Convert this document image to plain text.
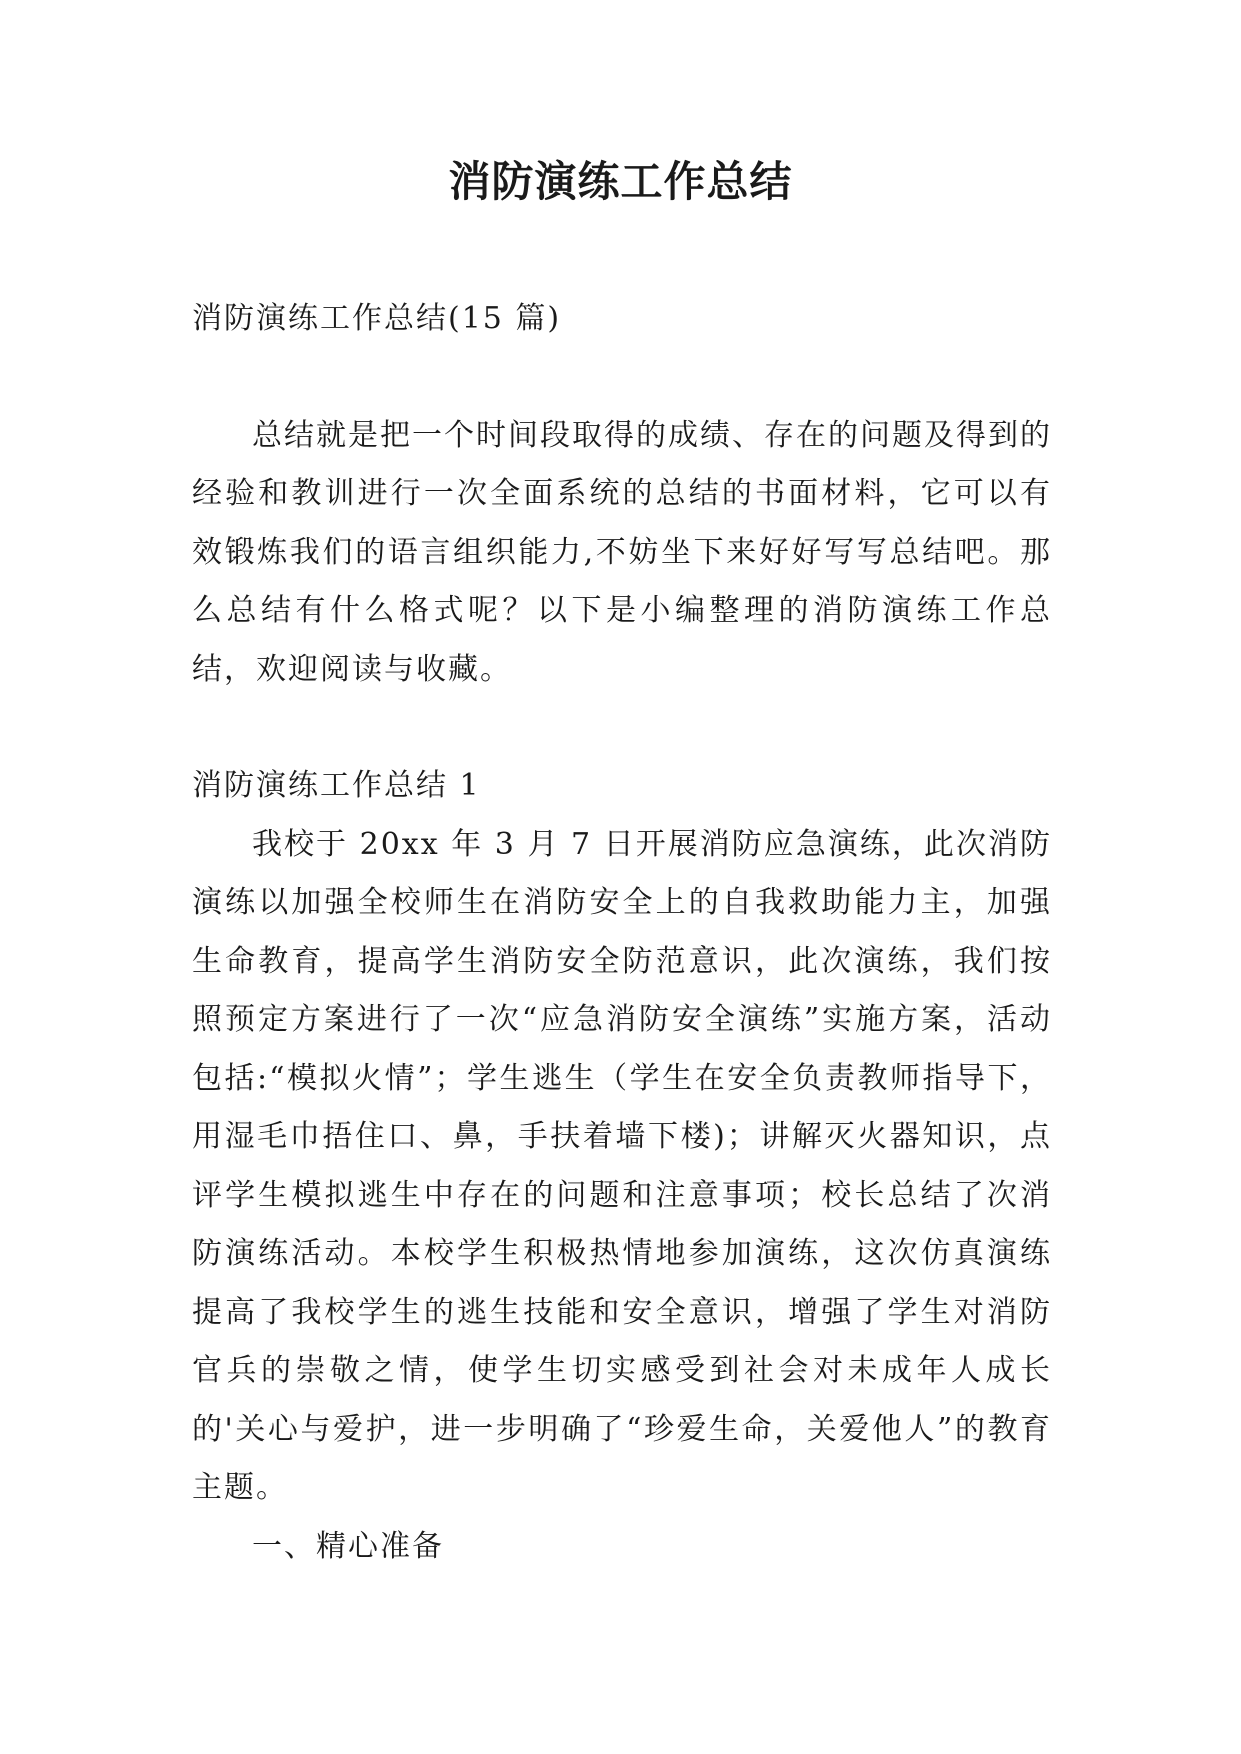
消防演练工作总结

消防演练工作总结(15 篇)

总结就是把一个时间段取得的成绩、存在的问题及得到的经验和教训进行一次全面系统的总结的书面材料，它可以有效锻炼我们的语言组织能力,不妨坐下来好好写写总结吧。那么总结有什么格式呢？以下是小编整理的消防演练工作总结，欢迎阅读与收藏。

消防演练工作总结 1

我校于 20xx 年 3 月 7 日开展消防应急演练，此次消防演练以加强全校师生在消防安全上的自我救助能力主，加强生命教育，提高学生消防安全防范意识，此次演练，我们按照预定方案进行了一次“应急消防安全演练”实施方案，活动包括:“模拟火情”；学生逃生（学生在安全负责教师指导下，用湿毛巾捂住口、鼻，手扶着墙下楼)；讲解灭火器知识，点评学生模拟逃生中存在的问题和注意事项；校长总结了次消防演练活动。本校学生积极热情地参加演练，这次仿真演练提高了我校学生的逃生技能和安全意识，增强了学生对消防官兵的崇敬之情，使学生切实感受到社会对未成年人成长的'关心与爱护，进一步明确了“珍爱生命，关爱他人”的教育主题。

一、精心准备
